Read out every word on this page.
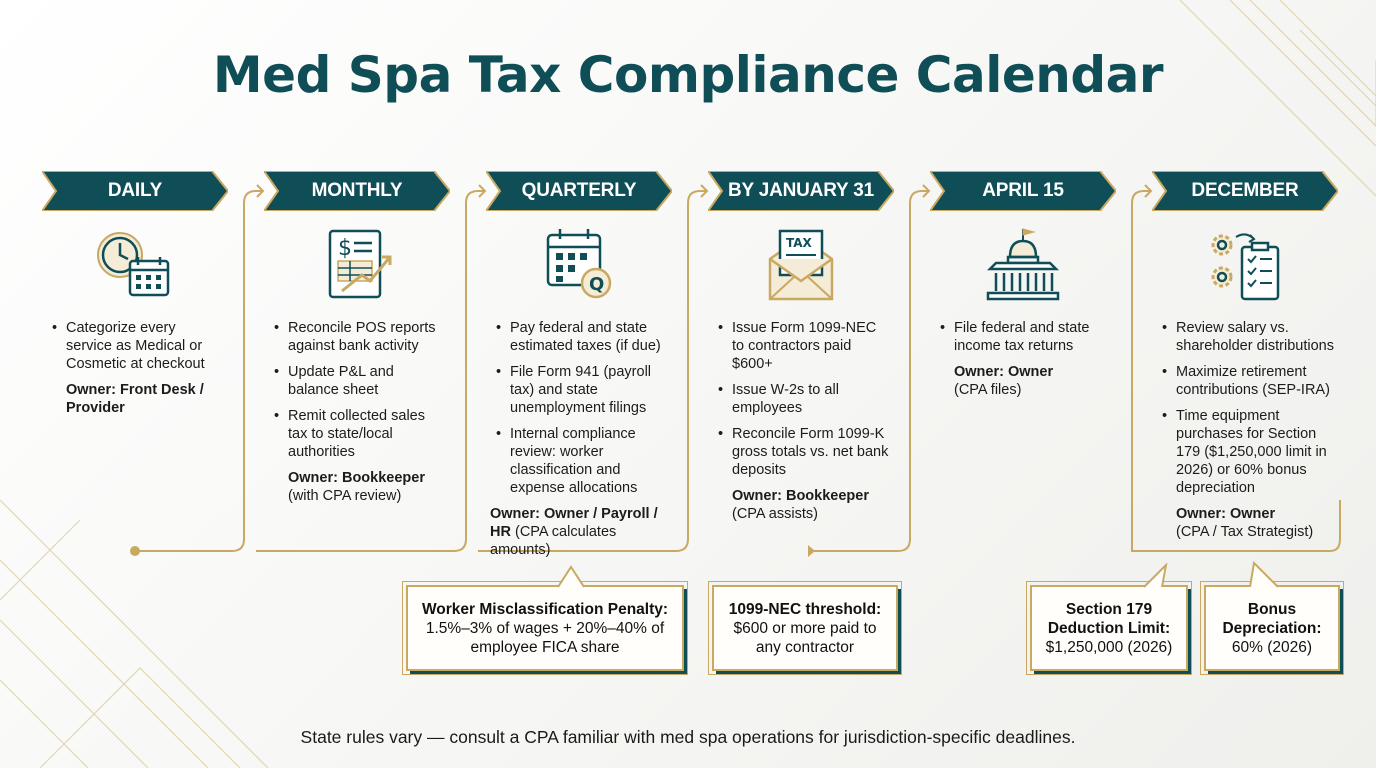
Med Spa Tax Compliance Calendar
DAILY
• Categorize every service as Medical or Cosmetic at checkout
Owner: Front Desk / Provider
MONTHLY
$
• Reconcile POS reports against bank activity
• Update P&L and balance sheet
• Remit collected sales tax to state/local authorities
Owner: Bookkeeper
(with CPA review)
QUARTERLY
Q
• Pay federal and state estimated taxes (if due)
• File Form 941 (payroll tax) and state unemployment filings
• Internal compliance review: worker classification and expense allocations
Owner: Owner / Payroll / HR (CPA calculates amounts)
BY JANUARY 31
TAX
• Issue Form 1099-NEC to contractors paid $600+
• Issue W-2s to all employees
• Reconcile Form 1099-K gross totals vs. net bank deposits
Owner: Bookkeeper
(CPA assists)
APRIL 15
• File federal and state income tax returns
Owner: Owner
(CPA files)
DECEMBER
• Review salary vs. shareholder distributions
• Maximize retirement contributions (SEP-IRA)
• Time equipment purchases for Section 179 ($1,250,000 limit in 2026) or 60% bonus depreciation
Owner: Owner
(CPA / Tax Strategist)
Worker Misclassification Penalty:
1.5%–3% of wages + 20%–40% of
employee FICA share
1099-NEC threshold:
$600 or more paid to
any contractor
Section 179
Deduction Limit:
$1,250,000 (2026)
Bonus
Depreciation:
60% (2026)
State rules vary — consult a CPA familiar with med spa operations for jurisdiction-specific deadlines.
